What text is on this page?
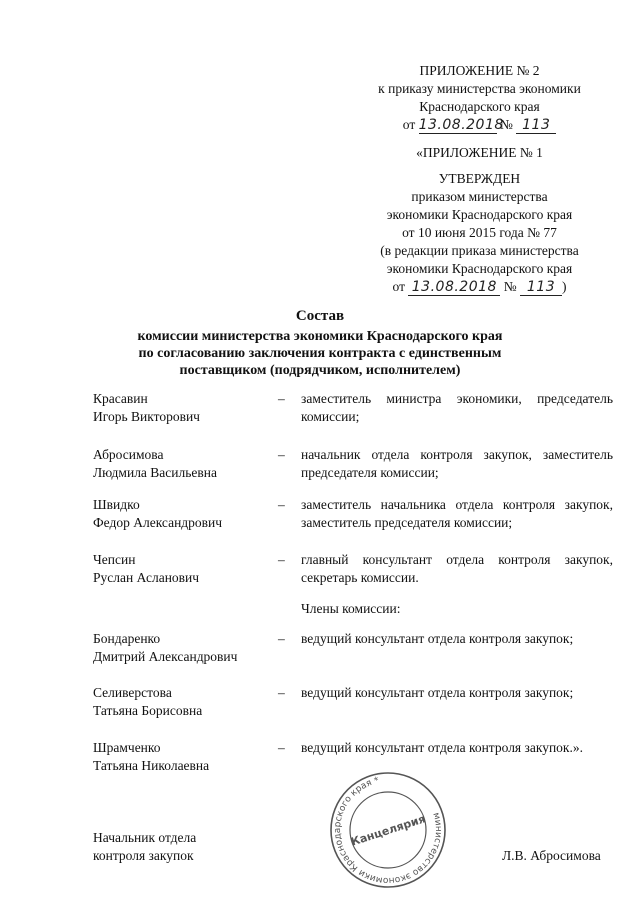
ПРИЛОЖЕНИЕ № 2
к приказу министерства экономики
Краснодарского края
от 13.08.2018 № 113
«ПРИЛОЖЕНИЕ № 1
УТВЕРЖДЕН
приказом министерства
экономики Краснодарского края
от 10 июня 2015 года № 77
(в редакции приказа министерства
экономики Краснодарского края
от 13.08.2018 № 113 )
Состав
комиссии министерства экономики Краснодарского края
по согласованию заключения контракта с единственным
поставщиком (подрядчиком, исполнителем)
Красавин
Игорь Викторович
– заместитель министра экономики, председатель комиссии;
Абросимова
Людмила Васильевна
– начальник отдела контроля закупок, заместитель председателя комиссии;
Швидко
Федор Александрович
– заместитель начальника отдела контроля закупок, заместитель председателя комиссии;
Чепсин
Руслан Асланович
– главный консультант отдела контроля закупок, секретарь комиссии.
Члены комиссии:
Бондаренко
Дмитрий Александрович
– ведущий консультант отдела контроля закупок;
Селиверстова
Татьяна Борисовна
– ведущий консультант отдела контроля закупок;
Шрамченко
Татьяна Николаевна
– ведущий консультант отдела контроля закупок.».
министерство экономики Краснодарского края *
Канцелярия
Начальник отдела
контроля закупок	Л.В. Абросимова
